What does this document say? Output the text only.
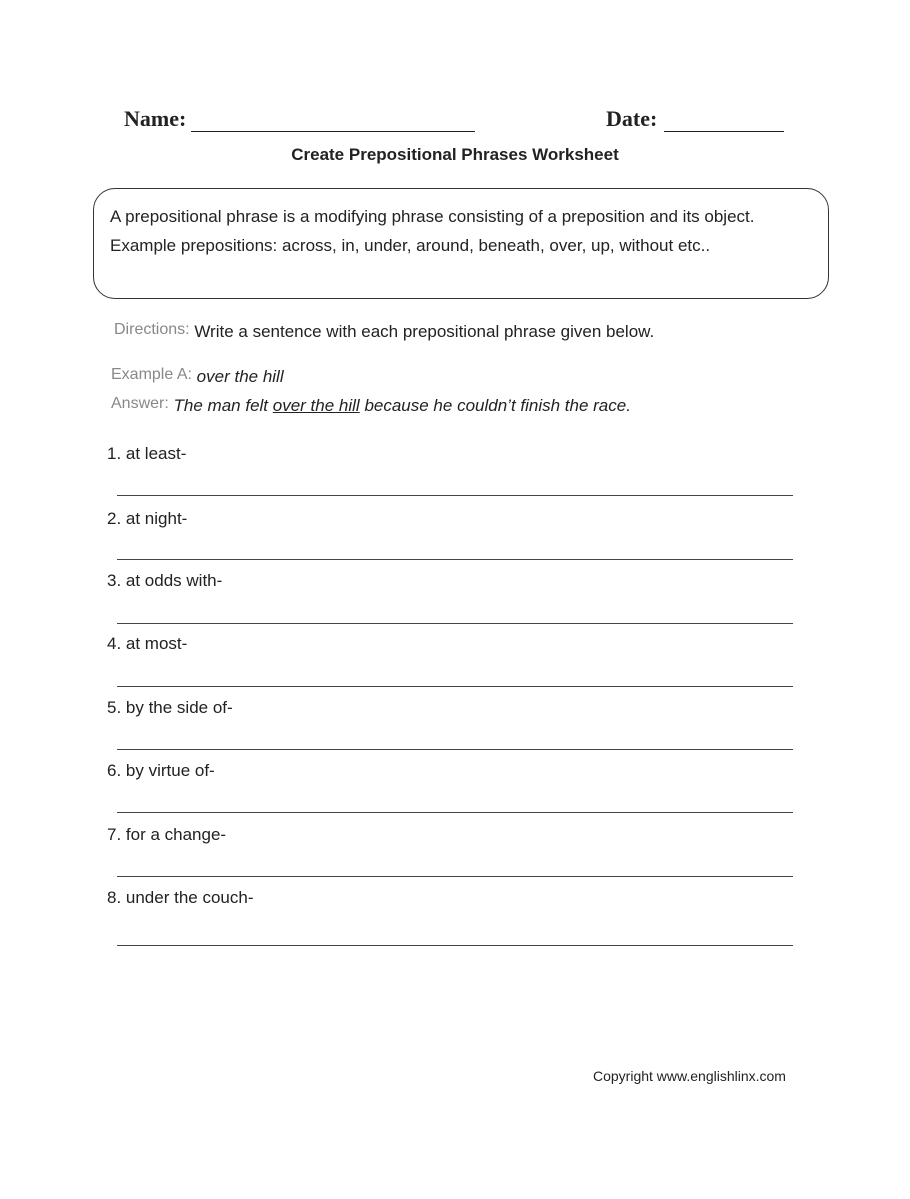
Name:	Date:
Create Prepositional Phrases Worksheet

A prepositional phrase is a modifying phrase consisting of a preposition and its object.

Example prepositions: across, in, under, around, beneath, over, up, without etc..

Directions: Write a sentence with each prepositional phrase given below.
Example A: over the hill
Answer: The man felt over the hill because he couldn’t finish the race.
1. at least-
2. at night-
3. at odds with-
4. at most-
5. by the side of-
6. by virtue of-
7. for a change-
8. under the couch-
Copyright www.englishlinx.com
